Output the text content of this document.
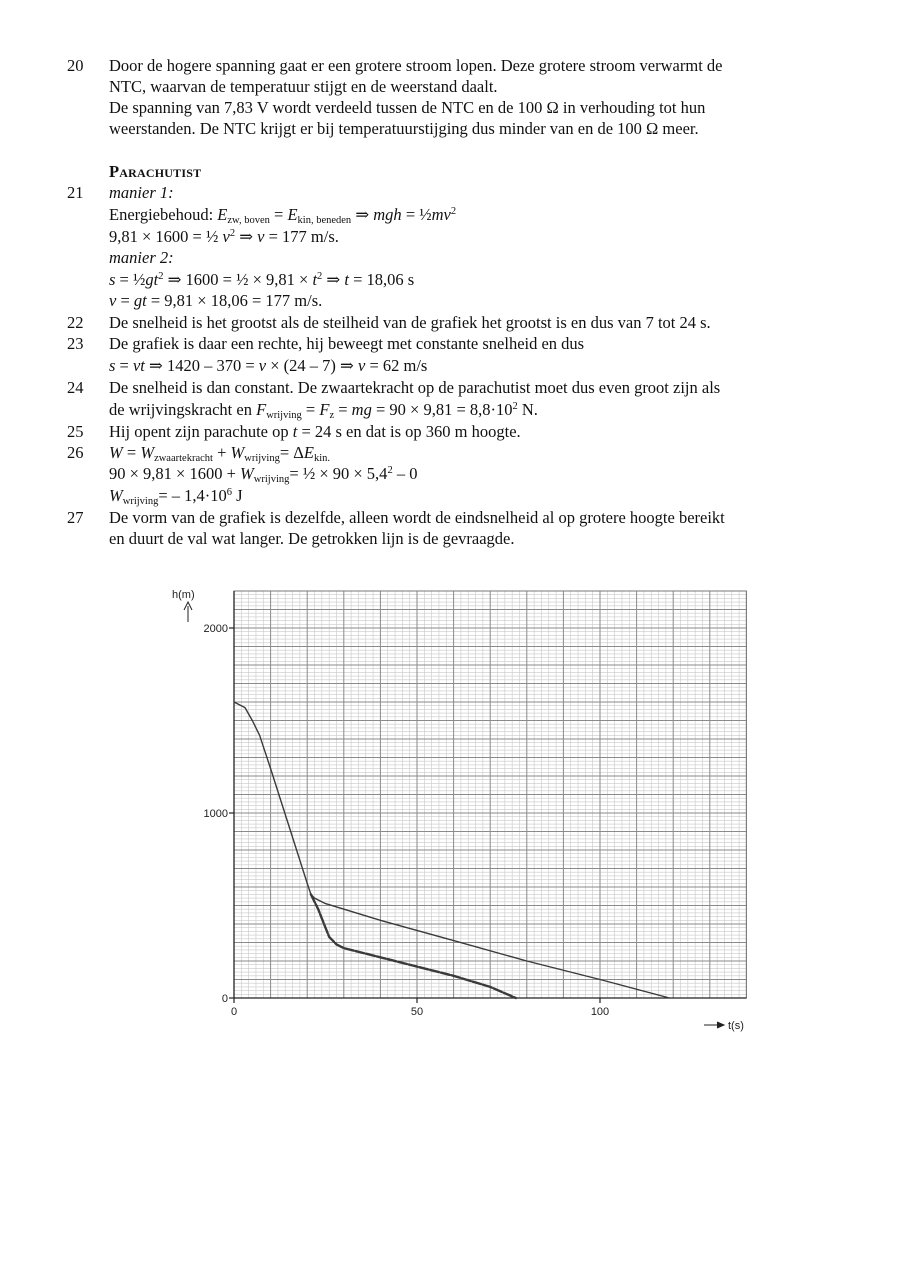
20 Door de hogere spanning gaat er een grotere stroom lopen. Deze grotere stroom verwarmt de
NTC, waarvan de temperatuur stijgt en de weerstand daalt.
De spanning van 7,83 V wordt verdeeld tussen de NTC en de 100 Ω in verhouding tot hun
weerstanden. De NTC krijgt er bij temperatuurstijging dus minder van en de 100 Ω meer.
Parachutist
21 manier 1:
Energiebehoud: $E_{zw, boven} = E_{kin, beneden}$ ⇒ mgh = $\frac{1}{2}mv^2$
9,81 × 1600 = ½ $v^2$ ⇒ v = 177 m/s.
manier 2:
$s = \frac{1}{2}gt^2$ ⇒ 1600 = ½ × $9,81 \times t^2$ ⇒ t = 18,06 s
v = gt = 9,81 × 18,06 = 177 m/s.
22 De snelheid is het grootst als de steilheid van de grafiek het grootst is en dus van 7 tot 24 s.
23 De grafiek is daar een rechte, hij beweegt met constante snelheid en dus
s = vt ⇒ 1420 – 370 = v × (24 – 7) ⇒ v = 62 m/s
24 De snelheid is dan constant. De zwaartekracht op de parachutist moet dus even groot zijn als
de wrijvingskracht en $F_{wrijving} = F_z$ = mg = $90 \times 9,81 = 8,8\cdot 10^2$ N.
25 Hij opent zijn parachute op t = 24 s en dat is op 360 m hoogte.
26 $W = W_{zwaartekracht} + W_{wrijving}= \Delta E_{kin.}$
$90 \times 9,81 \times 1600 + W_{wrijving}=$ ½ × $90 \times 5,4^2 - 0$
$W_{wrijving}= - 1,4\cdot 10^6$ J
27 De vorm van de grafiek is dezelfde, alleen wordt de eindsnelheid al op grotere hoogte bereikt
en duurt de val wat langer. De getrokken lijn is de gevraagde.
0	50	100
0
1000
2000
h(m)
t(s)
